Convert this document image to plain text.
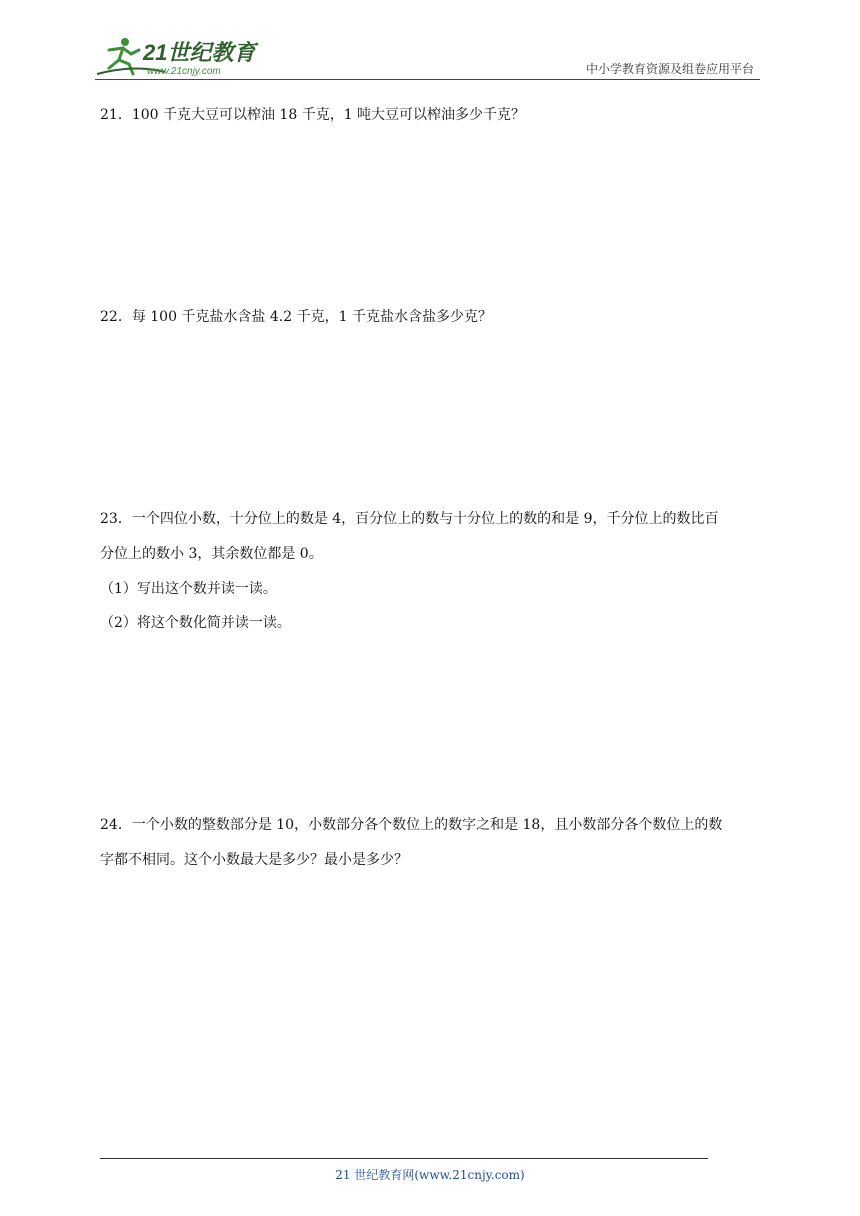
21世纪教育
www.21cnjy.com	中小学教育资源及组卷应用平台
21．100 千克大豆可以榨油 18 千克，1 吨大豆可以榨油多少千克？
22．每 100 千克盐水含盐 4.2 千克，1 千克盐水含盐多少克？
23．一个四位小数，十分位上的数是 4，百分位上的数与十分位上的数的和是 9，千分位上的数比百
分位上的数小 3，其余数位都是 0。
（1）写出这个数并读一读。
（2）将这个数化简并读一读。
24．一个小数的整数部分是 10，小数部分各个数位上的数字之和是 18，且小数部分各个数位上的数
字都不相同。这个小数最大是多少？最小是多少？
21 世纪教育网(www.21cnjy.com)
